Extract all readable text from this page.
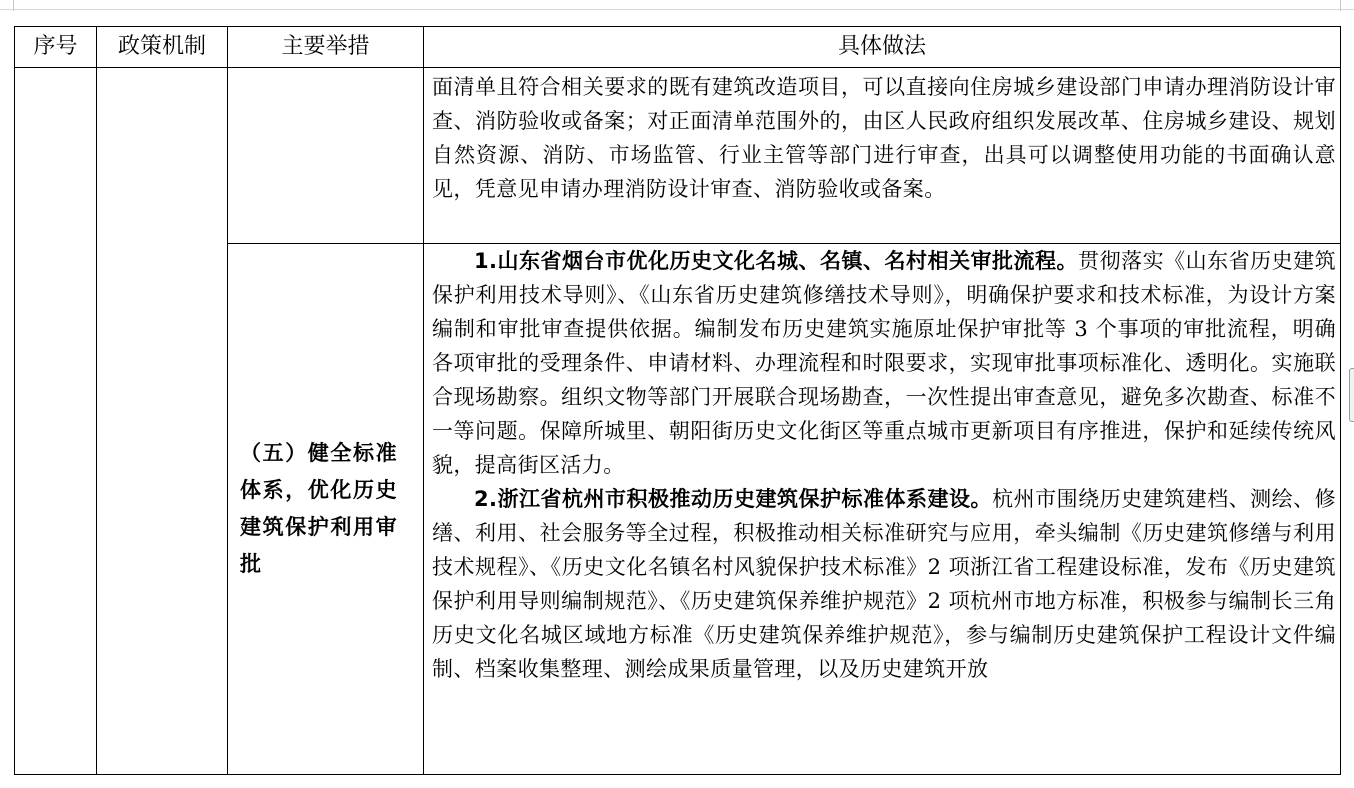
序号	政策机制	主要举措	具体做法

			面清单且符合相关要求的既有建筑改造项目，可以直接向住房城乡建设部门申请办理消防设计审查、消防验收或备案；对正面清单范围外的，由区人民政府组织发展改革、住房城乡建设、规划自然资源、消防、市场监管、行业主管等部门进行审查，出具可以调整使用功能的书面确认意见，凭意见申请办理消防设计审查、消防验收或备案。

		（五）健全标准体系，优化历史建筑保护利用审批	1.山东省烟台市优化历史文化名城、名镇、名村相关审批流程。贯彻落实《山东省历史建筑保护利用技术导则》、《山东省历史建筑修缮技术导则》，明确保护要求和技术标准，为设计方案编制和审批审查提供依据。编制发布历史建筑实施原址保护审批等 3 个事项的审批流程，明确各项审批的受理条件、申请材料、办理流程和时限要求，实现审批事项标准化、透明化。实施联合现场勘察。组织文物等部门开展联合现场勘查，一次性提出审查意见，避免多次勘查、标准不一等问题。保障所城里、朝阳街历史文化街区等重点城市更新项目有序推进，保护和延续传统风貌，提高街区活力。

2.浙江省杭州市积极推动历史建筑保护标准体系建设。杭州市围绕历史建筑建档、测绘、修缮、利用、社会服务等全过程，积极推动相关标准研究与应用，牵头编制《历史建筑修缮与利用技术规程》、《历史文化名镇名村风貌保护技术标准》2 项浙江省工程建设标准，发布《历史建筑保护利用导则编制规范》、《历史建筑保养维护规范》2 项杭州市地方标准，积极参与编制长三角历史文化名城区域地方标准《历史建筑保养维护规范》，参与编制历史建筑保护工程设计文件编制、档案收集整理、测绘成果质量管理，以及历史建筑开放
